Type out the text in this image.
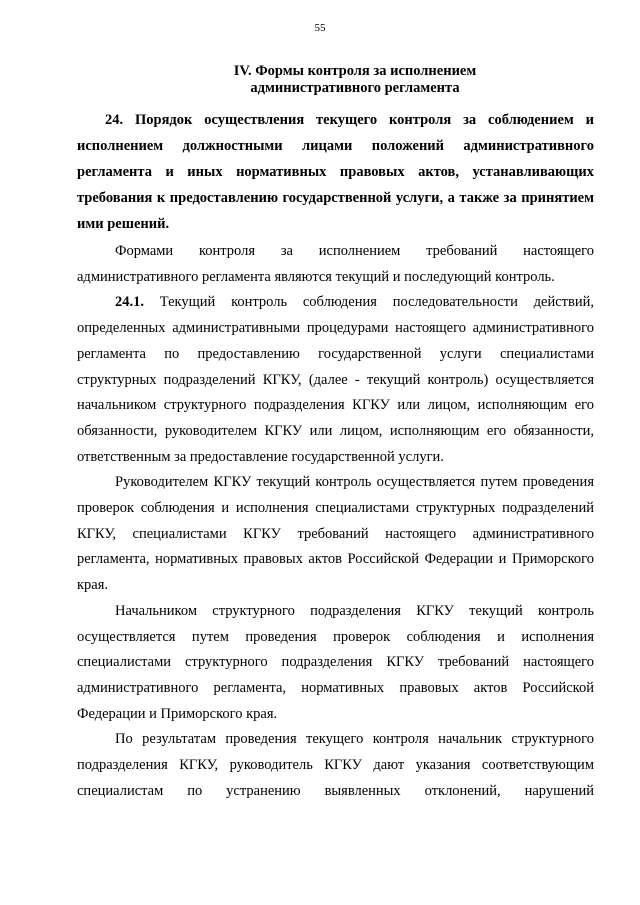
55
IV. Формы контроля за исполнением
административного регламента

24. Порядок осуществления текущего контроля за соблюдением и исполнением должностными лицами положений административного регламента и иных нормативных правовых актов, устанавливающих требования к предоставлению государственной услуги, а также за принятием ими решений.

Формами контроля за исполнением требований настоящего административного регламента являются текущий и последующий контроль.

24.1. Текущий контроль соблюдения последовательности действий, определенных административными процедурами настоящего административного регламента по предоставлению государственной услуги специалистами структурных подразделений КГКУ, (далее - текущий контроль) осуществляется начальником структурного подразделения КГКУ или лицом, исполняющим его обязанности, руководителем КГКУ или лицом, исполняющим его обязанности, ответственным за предоставление государственной услуги.

Руководителем КГКУ текущий контроль осуществляется путем проведения проверок соблюдения и исполнения специалистами структурных подразделений КГКУ, специалистами КГКУ требований настоящего административного регламента, нормативных правовых актов Российской Федерации и Приморского края.

Начальником структурного подразделения КГКУ текущий контроль осуществляется путем проведения проверок соблюдения и исполнения специалистами структурного подразделения КГКУ требований настоящего административного регламента, нормативных правовых актов Российской Федерации и Приморского края.

По результатам проведения текущего контроля начальник структурного подразделения КГКУ, руководитель КГКУ дают указания соответствующим специалистам по устранению выявленных отклонений, нарушений
